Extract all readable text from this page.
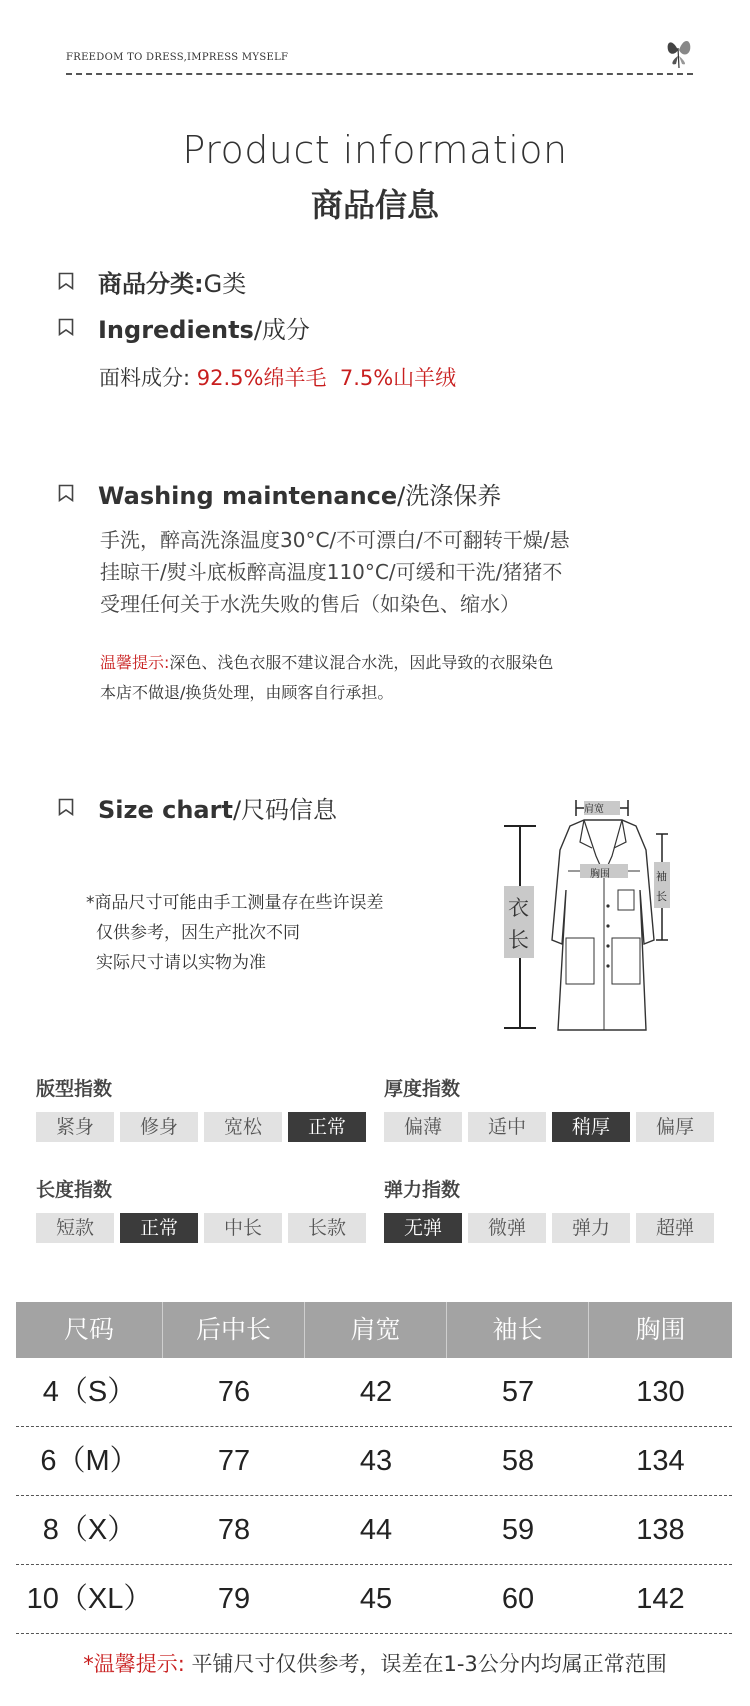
FREEDOM TO DRESS,IMPRESS MYSELF
Product information
商品信息
商品分类:G类
Ingredients/成分
面料成分: 92.5%绵羊毛  7.5%山羊绒
Washing maintenance/洗涤保养
手洗，醉高洗涤温度30°C/不可漂白/不可翻转干燥/悬
挂晾干/熨斗底板醉高温度110°C/可缓和干洗/猪猪不
受理任何关于水洗失败的售后（如染色、缩水）
温馨提示:深色、浅色衣服不建议混合水洗，因此导致的衣服染色
本店不做退/换货处理，由顾客自行承担。
Size chart/尺码信息
*商品尺寸可能由手工测量存在些许误差
仅供参考，因生产批次不同
实际尺寸请以实物为准
肩宽
胸围	袖
长
衣
长
版型指数
紧身	修身	宽松	正常
厚度指数
偏薄	适中	稍厚	偏厚
长度指数
短款	正常	中长	长款
弹力指数
无弹	微弹	弹力	超弹
尺码	后中长	肩宽	袖长	胸围
4（S）	76	42	57	130
6（M）	77	43	58	134
8（X）	78	44	59	138
10（XL）	79	45	60	142
*温馨提示: 平铺尺寸仅供参考，误差在1-3公分内均属正常范围
